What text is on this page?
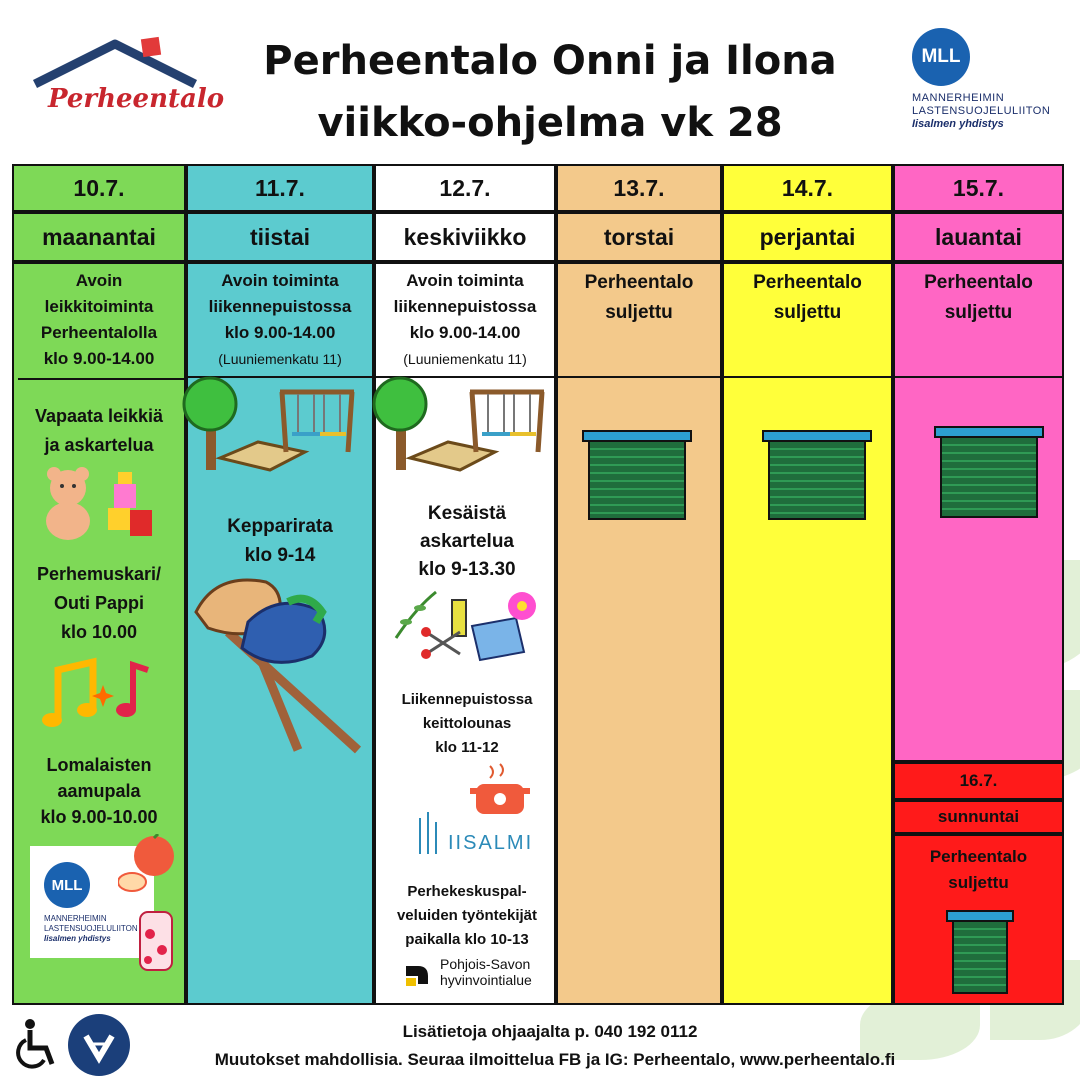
Perheentalo
Perheentalo Onni ja Ilona
viikko-ohjelma vk 28
MLL
MANNERHEIMIN
LASTENSUOJELULIITON
Iisalmen yhdistys
10.7.
maanantai
Avoin
leikkitoiminta
Perheentalolla
klo 9.00-14.00
11.7.
tiistai
Avoin toiminta
liikennepuistossa
klo 9.00-14.00
(Luuniemenkatu 11)
12.7.
keskiviikko
Avoin toiminta
liikennepuistossa
klo 9.00-14.00
(Luuniemenkatu 11)
13.7.
torstai
Perheentalo
suljettu
14.7.
perjantai
Perheentalo
suljettu
15.7.
lauantai
Perheentalo
suljettu
16.7.
sunnuntai
Perheentalo
suljettu
Vapaata leikkiä
ja askartelua
Perhemuskari/
Outi Pappi
klo 10.00
Lomalaisten
aamupala
klo 9.00-10.00
MLL
MANNERHEIMIN
LASTENSUOJELULIITON
Iisalmen yhdistys
Kepparirata
klo 9-14
Kesäistä
askartelua
klo 9-13.30
Liikennepuistossa
keittolounas
klo 11-12
IISALMI
Perhekeskuspal-
veluiden työntekijät
paikalla klo 10-13
Pohjois-Savon
hyvinvointialue
Lisätietoja ohjaajalta p. 040 192 0112
Muutokset mahdollisia. Seuraa ilmoittelua FB ja IG: Perheentalo, www.perheentalo.fi
